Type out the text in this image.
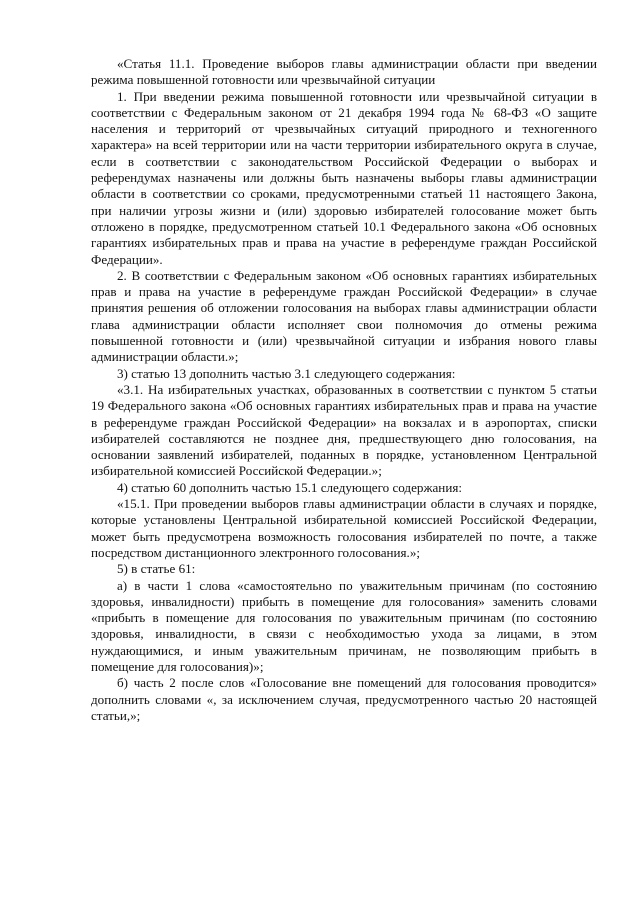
«Статья 11.1. Проведение выборов главы администрации области при введении режима повышенной готовности или чрезвычайной ситуации

1. При введении режима повышенной готовности или чрезвычайной ситуации в соответствии с Федеральным законом от 21 декабря 1994 года № 68-ФЗ «О защите населения и территорий от чрезвычайных ситуаций природного и техногенного характера» на всей территории или на части территории избирательного округа в случае, если в соответствии с законодательством Российской Федерации о выборах и референдумах назначены или должны быть назначены выборы главы администрации области в соответствии со сроками, предусмотренными статьей 11 настоящего Закона, при наличии угрозы жизни и (или) здоровью избирателей голосование может быть отложено в порядке, предусмотренном статьей 10.1 Федерального закона «Об основных гарантиях избирательных прав и права на участие в референдуме граждан Российской Федерации».

2. В соответствии с Федеральным законом «Об основных гарантиях избирательных прав и права на участие в референдуме граждан Российской Федерации» в случае принятия решения об отложении голосования на выборах главы администрации области глава администрации области исполняет свои полномочия до отмены режима повышенной готовности и (или) чрезвычайной ситуации и избрания нового главы администрации области.»;

3) статью 13 дополнить частью 3.1 следующего содержания:

«3.1. На избирательных участках, образованных в соответствии с пунктом 5 статьи 19 Федерального закона «Об основных гарантиях избирательных прав и права на участие в референдуме граждан Российской Федерации» на вокзалах и в аэропортах, списки избирателей составляются не позднее дня, предшествующего дню голосования, на основании заявлений избирателей, поданных в порядке, установленном Центральной избирательной комиссией Российской Федерации.»;

4) статью 60 дополнить частью 15.1 следующего содержания:

«15.1. При проведении выборов главы администрации области в случаях и порядке, которые установлены Центральной избирательной комиссией Российской Федерации, может быть предусмотрена возможность голосования избирателей по почте, а также посредством дистанционного электронного голосования.»;

5) в статье 61:

а) в части 1 слова «самостоятельно по уважительным причинам (по состоянию здоровья, инвалидности) прибыть в помещение для голосования» заменить словами «прибыть в помещение для голосования по уважительным причинам (по состоянию здоровья, инвалидности, в связи с необходимостью ухода за лицами, в этом нуждающимися, и иным уважительным причинам, не позволяющим прибыть в помещение для голосования)»;

б) часть 2 после слов «Голосование вне помещений для голосования проводится» дополнить словами «, за исключением случая, предусмотренного частью 20 настоящей статьи,»;
